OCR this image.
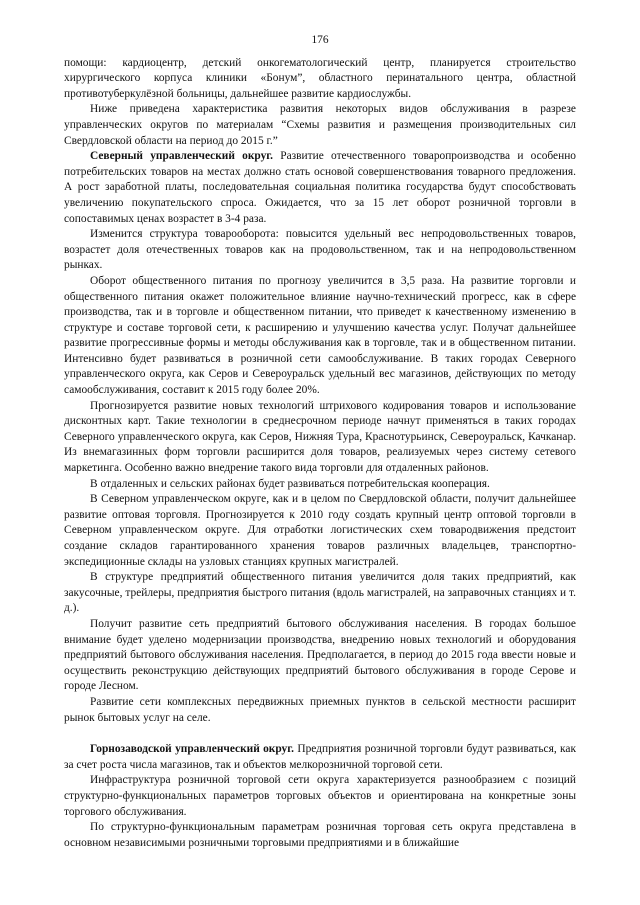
176

помощи: кардиоцентр, детский онкогематологический центр, планируется строительство хирургического корпуса клиники «Бонум”, областного перинатального центра, областной противотуберкулёзной больницы, дальнейшее развитие кардиослужбы.

Ниже приведена характеристика развития некоторых видов обслуживания в разрезе управленческих округов по материалам “Схемы развития и размещения производительных сил Свердловской области на период до 2015 г.”

Северный управленческий округ. Развитие отечественного товаропроизводства и особенно потребительских товаров на местах должно стать основой совершенствования товарного предложения. А рост заработной платы, последовательная социальная политика государства будут способствовать увеличению покупательского спроса. Ожидается, что за 15 лет оборот розничной торговли в сопоставимых ценах возрастет в 3-4 раза.

Изменится структура товарооборота: повысится удельный вес непродовольственных товаров, возрастет доля отечественных товаров как на продовольственном, так и на непродовольственном рынках.

Оборот общественного питания по прогнозу увеличится в 3,5 раза. На развитие торговли и общественного питания окажет положительное влияние научно-технический прогресс, как в сфере производства, так и в торговле и общественном питании, что приведет к качественному изменению в структуре и составе торговой сети, к расширению и улучшению качества услуг. Получат дальнейшее развитие прогрессивные формы и методы обслуживания как в торговле, так и в общественном питании. Интенсивно будет развиваться в розничной сети самообслуживание. В таких городах Северного управленческого округа, как Серов и Североуральск удельный вес магазинов, действующих по методу самообслуживания, составит к 2015 году более 20%.

Прогнозируется развитие новых технологий штрихового кодирования товаров и использование дисконтных карт. Такие технологии в среднесрочном периоде начнут применяться в таких городах Северного управленческого округа, как Серов, Нижняя Тура, Краснотурьинск, Североуральск, Качканар. Из внемагазинных форм торговли расширится доля товаров, реализуемых через систему сетевого маркетинга. Особенно важно внедрение такого вида торговли для отдаленных районов.

В отдаленных и сельских районах будет развиваться потребительская кооперация.

В Северном управленческом округе, как и в целом по Свердловской области, получит дальнейшее развитие оптовая торговля. Прогнозируется к 2010 году создать крупный центр оптовой торговли в Северном управленческом округе. Для отработки логистических схем товародвижения предстоит создание складов гарантированного хранения товаров различных владельцев, транспортно-экспедиционные склады на узловых станциях крупных магистралей.

В структуре предприятий общественного питания увеличится доля таких предприятий, как закусочные, трейлеры, предприятия быстрого питания (вдоль магистралей, на заправочных станциях и т. д.).

Получит развитие сеть предприятий бытового обслуживания населения. В городах большое внимание будет уделено модернизации производства, внедрению новых технологий и оборудования предприятий бытового обслуживания населения. Предполагается, в период до 2015 года ввести новые и осуществить реконструкцию действующих предприятий бытового обслуживания в городе Серове и городе Лесном.

Развитие сети комплексных передвижных приемных пунктов в сельской местности расширит рынок бытовых услуг на селе.

Горнозаводской управленческий округ. Предприятия розничной торговли будут развиваться, как за счет роста числа магазинов, так и объектов мелкорозничной торговой сети.

Инфраструктура розничной торговой сети округа характеризуется разнообразием с позиций структурно-функциональных параметров торговых объектов и ориентирована на конкретные зоны торгового обслуживания.

По структурно-функциональным параметрам розничная торговая сеть округа представлена в основном независимыми розничными торговыми предприятиями и в ближайшие
